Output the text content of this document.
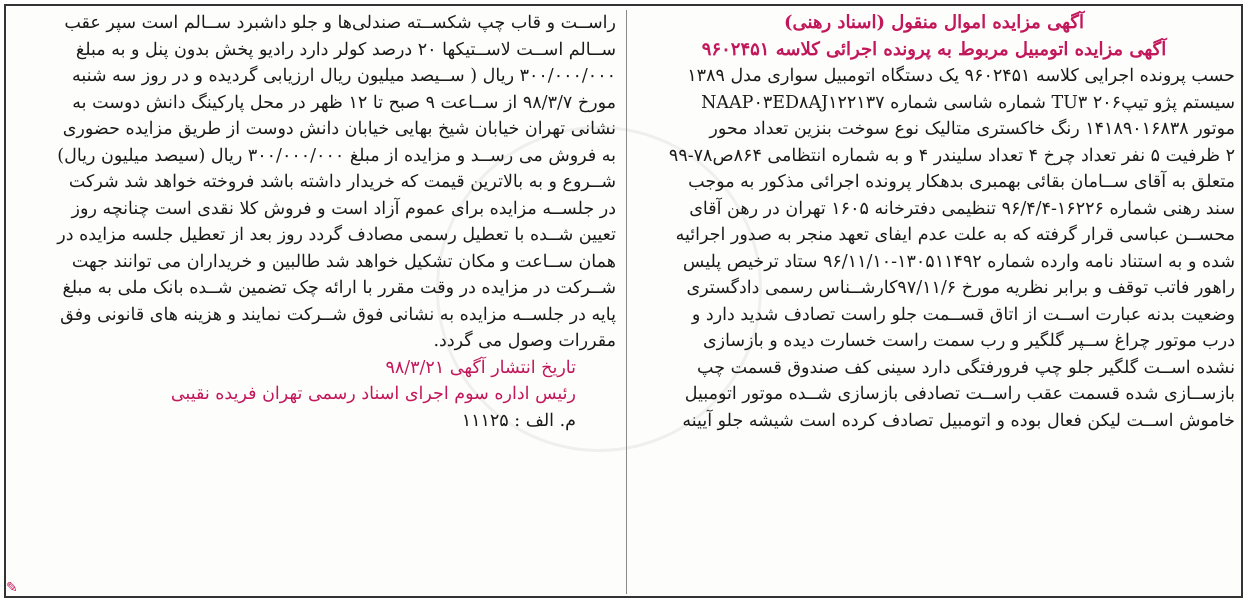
آگهی مزایده اموال منقول (اسناد رهنی)
آگهی مزایده اتومبیل مربوط به پرونده اجرائی کلاسه ۹۶۰۲۴۵۱
حسب پرونده اجرایی کلاسه ۹۶۰۲۴۵۱ یک دستگاه اتومبیل سواری مدل ۱۳۸۹
سیستم پژو تیپ۲۰۶ TU۳ شماره شاسی شماره NAAP۰۳ED۸AJ۱۲۲۱۳۷
موتور ۱۴۱۸۹۰۱۶۸۳۸ رنگ خاکستری متالیک نوع سوخت بنزین تعداد محور
۲ ظرفیت ۵ نفر تعداد چرخ ۴ تعداد سلیندر ۴ و به شماره انتظامی ۸۶۴ص۷۸-۹۹
متعلق به آقای ســامان بقائی بهمبری بدهکار پرونده اجرائی مذکور به موجب
سند رهنی شماره ۱۶۲۲۶-۹۶/۴/۴ تنظیمی دفترخانه ۱۶۰۵ تهران در رهن آقای
محســن عباسی قرار گرفته که به علت عدم ایفای تعهد منجر به صدور اجرائیه
شده و به استناد نامه وارده شماره ۱۳۰۵۱۱۴۹۲-۹۶/۱۱/۱۰ ستاد ترخیص پلیس
راهور فاتب توقف و برابر نظریه مورخ ۹۷/۱۱/۶کارشــناس رسمی دادگستری
وضعیت بدنه عبارت اســت از اتاق قســمت جلو راست تصادف شدید دارد و
درب موتور چراغ ســپر گلگیر و رب سمت راست خسارت دیده و بازسازی
نشده اســت گلگیر جلو چپ فرورفتگی دارد سینی کف صندوق قسمت چپ
بازســازی شده قسمت عقب راســت تصادفی بازسازی شــده موتور اتومبیل
خاموش اســت لیکن فعال بوده و اتومبیل تصادف کرده است شیشه جلو آیینه
راســت و قاب چپ شکســته صندلی‌ها و جلو داشبرد ســالم است سپر عقب
ســالم اســت لاســتیکها ۲۰ درصد کولر دارد رادیو پخش بدون پنل و به مبلغ
۳۰۰/۰۰۰/۰۰۰ ریال ( ســیصد میلیون ریال ارزیابی گردیده و در روز سه شنبه
مورخ ۹۸/۳/۷ از ســاعت ۹ صبح تا ۱۲ ظهر در محل پارکینگ دانش دوست به
نشانی تهران خیابان شیخ بهایی خیابان دانش دوست از طریق مزایده حضوری
به فروش می رســد و مزایده از مبلغ ۳۰۰/۰۰۰/۰۰۰ ریال (سیصد میلیون ریال)
شــروع و به بالاترین قیمت که خریدار داشته باشد فروخته خواهد شد شرکت
در جلســه مزایده برای عموم آزاد است و فروش کلا نقدی است چنانچه روز
تعیین شــده با تعطیل رسمی مصادف گردد روز بعد از تعطیل جلسه مزایده در
همان ســاعت و مکان تشکیل خواهد شد طالبین و خریداران می توانند جهت
شــرکت در مزایده در وقت مقرر با ارائه چک تضمین شــده بانک ملی به مبلغ
پایه در جلســه مزایده به نشانی فوق شــرکت نمایند و هزینه های قانونی وفق
مقررات وصول می گردد.
تاریخ انتشار آگهی ۹۸/۳/۲۱
رئیس اداره سوم اجرای اسناد رسمی تهران فریده نقیبی
م. الف : ۱۱۱۲۵
✎
